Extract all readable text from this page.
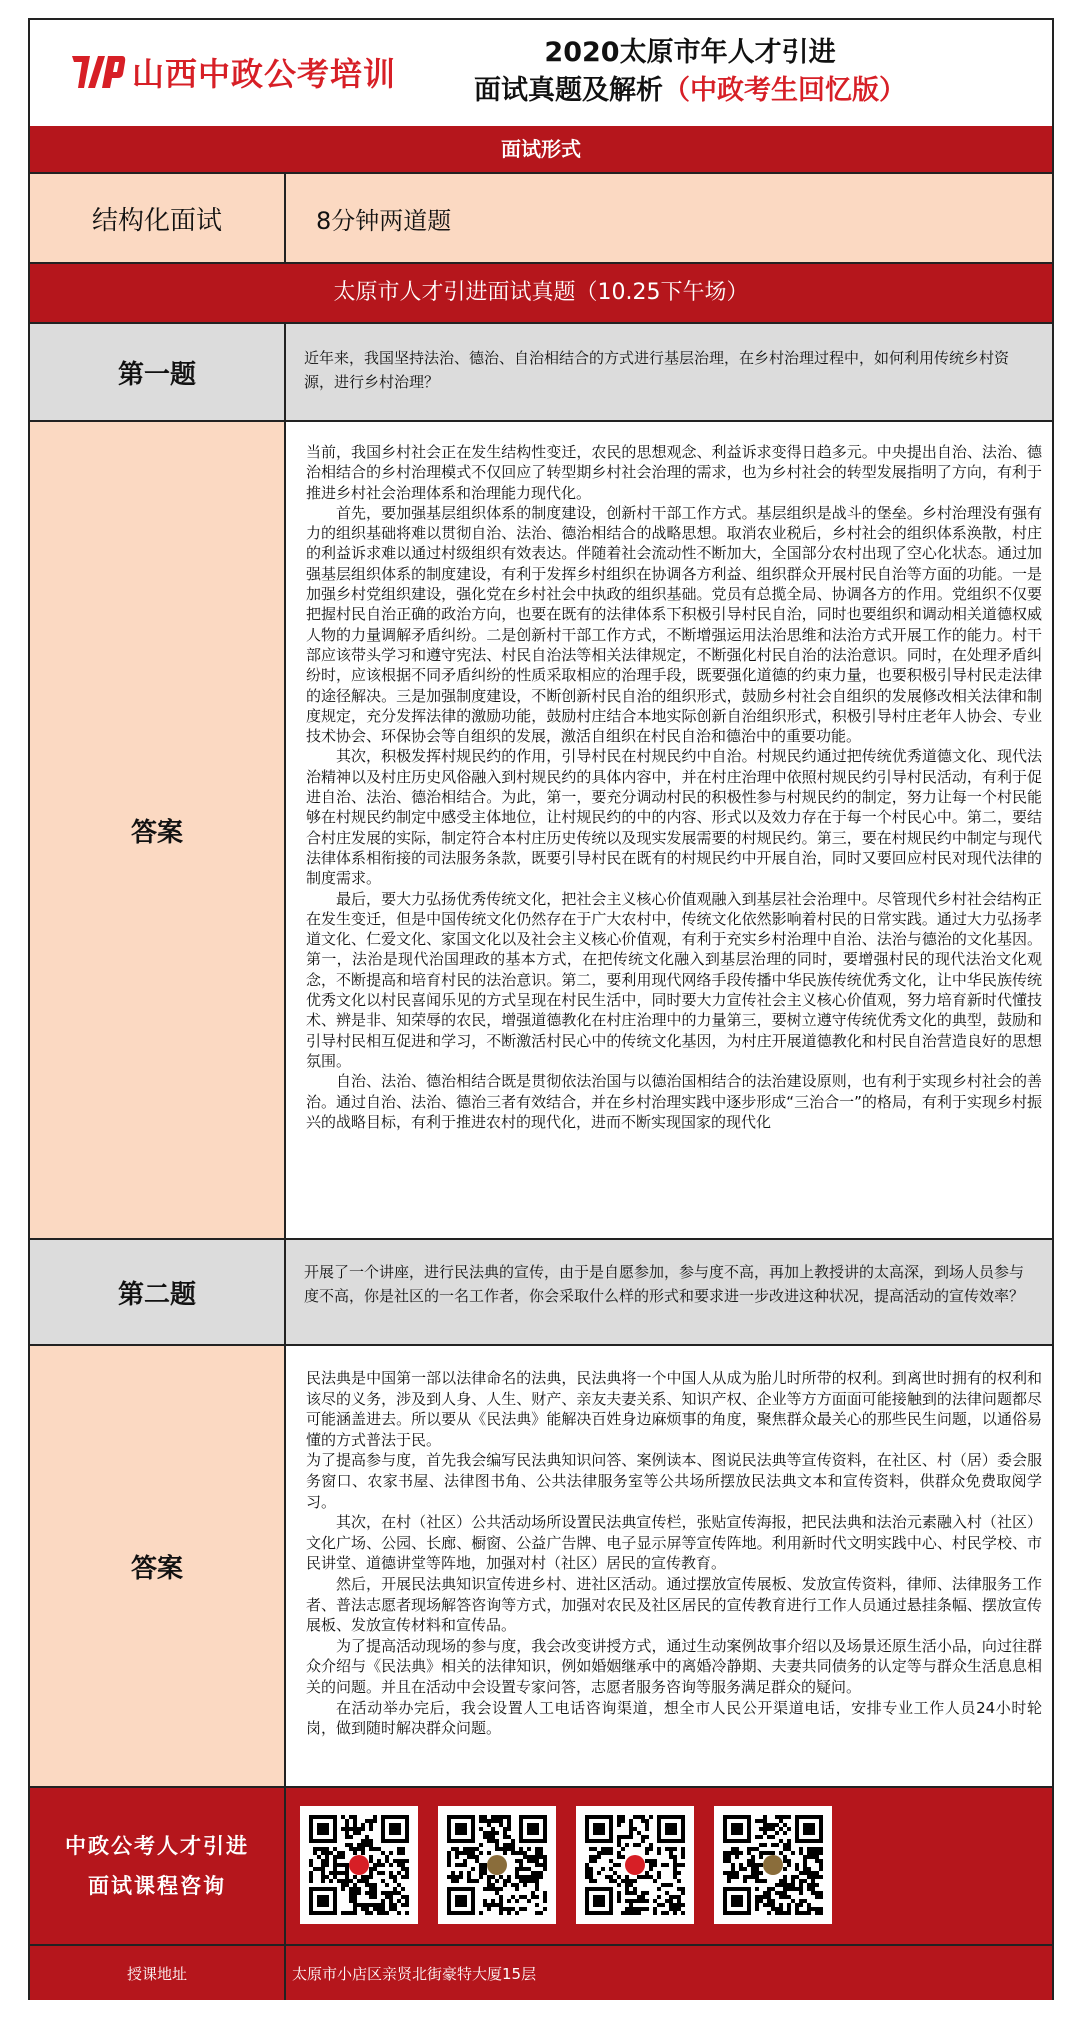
山西中政公考培训
2020太原市年人才引进
面试真题及解析（中政考生回忆版）
面试形式
结构化面试	8分钟两道题
太原市人才引进面试真题（10.25下午场）
第一题
近年来，我国坚持法治、德治、自治相结合的方式进行基层治理，在乡村治理过程中，如何利用传统乡村资源，进行乡村治理？
答案

当前，我国乡村社会正在发生结构性变迁，农民的思想观念、利益诉求变得日趋多元。中央提出自治、法治、德治相结合的乡村治理模式不仅回应了转型期乡村社会治理的需求，也为乡村社会的转型发展指明了方向，有利于推进乡村社会治理体系和治理能力现代化。

首先，要加强基层组织体系的制度建设，创新村干部工作方式。基层组织是战斗的堡垒。乡村治理没有强有力的组织基础将难以贯彻自治、法治、德治相结合的战略思想。取消农业税后，乡村社会的组织体系涣散，村庄的利益诉求难以通过村级组织有效表达。伴随着社会流动性不断加大，全国部分农村出现了空心化状态。通过加强基层组织体系的制度建设，有利于发挥乡村组织在协调各方利益、组织群众开展村民自治等方面的功能。一是加强乡村党组织建设，强化党在乡村社会中执政的组织基础。党员有总揽全局、协调各方的作用。党组织不仅要把握村民自治正确的政治方向，也要在既有的法律体系下积极引导村民自治，同时也要组织和调动相关道德权威人物的力量调解矛盾纠纷。二是创新村干部工作方式，不断增强运用法治思维和法治方式开展工作的能力。村干部应该带头学习和遵守宪法、村民自治法等相关法律规定，不断强化村民自治的法治意识。同时，在处理矛盾纠纷时，应该根据不同矛盾纠纷的性质采取相应的治理手段，既要强化道德的约束力量，也要积极引导村民走法律的途径解决。三是加强制度建设，不断创新村民自治的组织形式，鼓励乡村社会自组织的发展修改相关法律和制度规定，充分发挥法律的激励功能，鼓励村庄结合本地实际创新自治组织形式，积极引导村庄老年人协会、专业技术协会、环保协会等自组织的发展，激活自组织在村民自治和德治中的重要功能。

其次，积极发挥村规民约的作用，引导村民在村规民约中自治。村规民约通过把传统优秀道德文化、现代法治精神以及村庄历史风俗融入到村规民约的具体内容中，并在村庄治理中依照村规民约引导村民活动，有利于促进自治、法治、德治相结合。为此，第一，要充分调动村民的积极性参与村规民约的制定，努力让每一个村民能够在村规民约制定中感受主体地位，让村规民约的中的内容、形式以及效力存在于每一个村民心中。第二，要结合村庄发展的实际，制定符合本村庄历史传统以及现实发展需要的村规民约。第三，要在村规民约中制定与现代法律体系相衔接的司法服务条款，既要引导村民在既有的村规民约中开展自治，同时又要回应村民对现代法律的制度需求。

最后，要大力弘扬优秀传统文化，把社会主义核心价值观融入到基层社会治理中。尽管现代乡村社会结构正在发生变迁，但是中国传统文化仍然存在于广大农村中，传统文化依然影响着村民的日常实践。通过大力弘扬孝道文化、仁爱文化、家国文化以及社会主义核心价值观，有利于充实乡村治理中自治、法治与德治的文化基因。第一，法治是现代治国理政的基本方式，在把传统文化融入到基层治理的同时，要增强村民的现代法治文化观念，不断提高和培育村民的法治意识。第二，要利用现代网络手段传播中华民族传统优秀文化，让中华民族传统优秀文化以村民喜闻乐见的方式呈现在村民生活中，同时要大力宣传社会主义核心价值观，努力培育新时代懂技术、辨是非、知荣辱的农民，增强道德教化在村庄治理中的力量第三，要树立遵守传统优秀文化的典型，鼓励和引导村民相互促进和学习，不断激活村民心中的传统文化基因，为村庄开展道德教化和村民自治营造良好的思想氛围。

自治、法治、德治相结合既是贯彻依法治国与以德治国相结合的法治建设原则，也有利于实现乡村社会的善治。通过自治、法治、德治三者有效结合，并在乡村治理实践中逐步形成“三治合一”的格局，有利于实现乡村振兴的战略目标，有利于推进农村的现代化，进而不断实现国家的现代化

第二题
开展了一个讲座，进行民法典的宣传，由于是自愿参加，参与度不高，再加上教授讲的太高深，到场人员参与度不高，你是社区的一名工作者，你会采取什么样的形式和要求进一步改进这种状况，提高活动的宣传效率？
答案

民法典是中国第一部以法律命名的法典，民法典将一个中国人从成为胎儿时所带的权利。到离世时拥有的权利和该尽的义务，涉及到人身、人生、财产、亲友夫妻关系、知识产权、企业等方方面面可能接触到的法律问题都尽可能涵盖进去。所以要从《民法典》能解决百姓身边麻烦事的角度，聚焦群众最关心的那些民生问题，以通俗易懂的方式普法于民。

为了提高参与度，首先我会编写民法典知识问答、案例读本、图说民法典等宣传资料，在社区、村（居）委会服务窗口、农家书屋、法律图书角、公共法律服务室等公共场所摆放民法典文本和宣传资料，供群众免费取阅学习。

其次，在村（社区）公共活动场所设置民法典宣传栏，张贴宣传海报，把民法典和法治元素融入村（社区）文化广场、公园、长廊、橱窗、公益广告牌、电子显示屏等宣传阵地。利用新时代文明实践中心、村民学校、市民讲堂、道德讲堂等阵地，加强对村（社区）居民的宣传教育。

然后，开展民法典知识宣传进乡村、进社区活动。通过摆放宣传展板、发放宣传资料，律师、法律服务工作者、普法志愿者现场解答咨询等方式，加强对农民及社区居民的宣传教育进行工作人员通过悬挂条幅、摆放宣传展板、发放宣传材料和宣传品。

为了提高活动现场的参与度，我会改变讲授方式，通过生动案例故事介绍以及场景还原生活小品，向过往群众介绍与《民法典》相关的法律知识，例如婚姻继承中的离婚冷静期、夫妻共同债务的认定等与群众生活息息相关的问题。并且在活动中会设置专家问答，志愿者服务咨询等服务满足群众的疑问。

在活动举办完后，我会设置人工电话咨询渠道，想全市人民公开渠道电话，安排专业工作人员24小时轮岗，做到随时解决群众问题。

中政公考人才引进
面试课程咨询
授课地址	太原市小店区亲贤北街豪特大厦15层
